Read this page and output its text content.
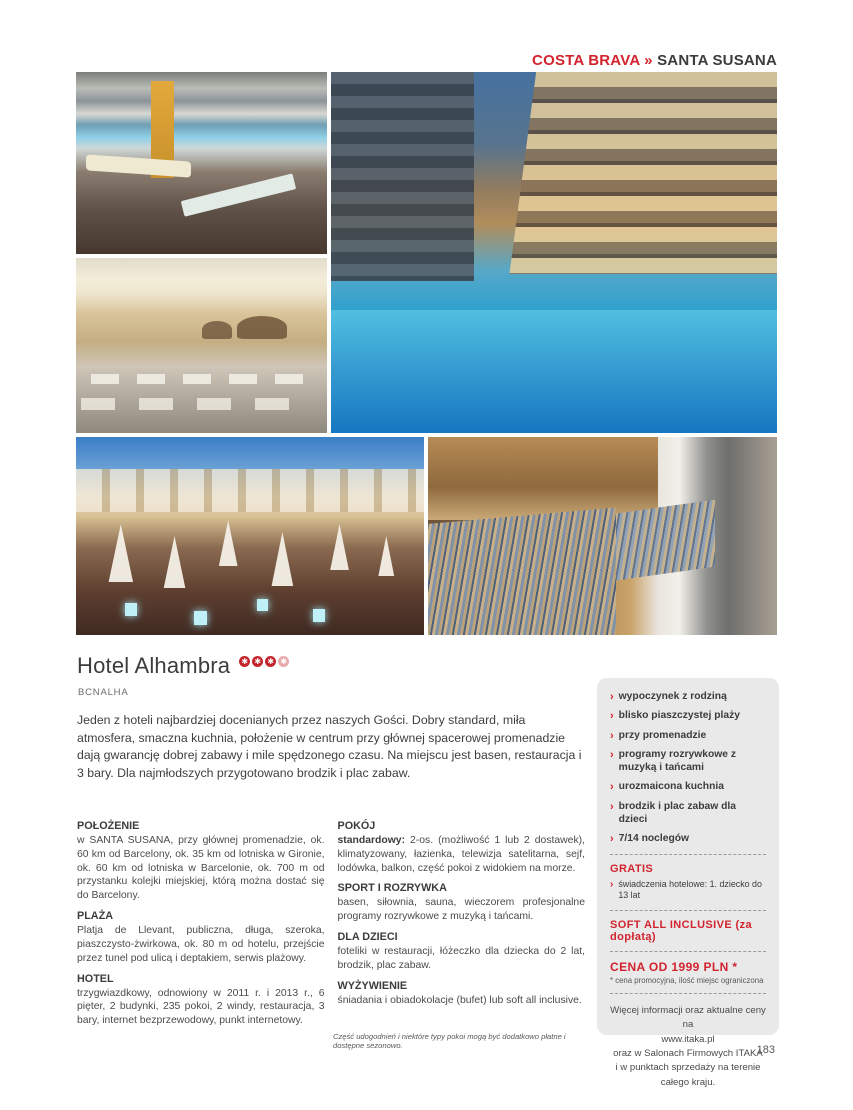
COSTA BRAVA » SANTA SUSANA
Hotel Alhambra ✱ ✱ ✱ ✱
BCNALHA

Jeden z hoteli najbardziej docenianych przez naszych Gości. Dobry standard, miła atmosfera, smaczna kuchnia, położenie w centrum przy głównej spacerowej promenadzie dają gwarancję dobrej zabawy i mile spędzonego czasu. Na miejscu jest basen, restauracja i 3 bary. Dla najmłodszych przygotowano brodzik i plac zabaw.

POŁOŻENIE

w SANTA SUSANA, przy głównej promenadzie, ok. 60 km od Barcelony, ok. 35 km od lotniska w Gironie, ok. 60 km od lotniska w Barcelonie, ok. 700 m od przystanku kolejki miejskiej, którą można dostać się do Barcelony.

PLAŻA

Platja de Llevant, publiczna, długa, szeroka, piaszczysto-żwirkowa, ok. 80 m od hotelu, przejście przez tunel pod ulicą i deptakiem, serwis plażowy.

HOTEL

trzygwiazdkowy, odnowiony w 2011 r. i 2013 r., 6 pięter, 2 budynki, 235 pokoi, 2 windy, restauracja, 3 bary, internet bezprzewodowy, punkt internetowy.

POKÓJ

standardowy: 2-os. (możliwość 1 lub 2 dostawek), klimatyzowany, łazienka, telewizja satelitarna, sejf, lodówka, balkon, część pokoi z widokiem na morze.

SPORT I ROZRYWKA

basen, siłownia, sauna, wieczorem profesjonalne programy rozrywkowe z muzyką i tańcami.

DLA DZIECI

foteliki w restauracji, łóżeczko dla dziecka do 2 lat, brodzik, plac zabaw.

WYŻYWIENIE

śniadania i obiadokolacje (bufet) lub soft all inclusive.

Część udogodnień i niektóre typy pokoi mogą być dodatkowo płatne i dostępne sezonowo.

› wypoczynek z rodziną
› blisko piaszczystej plaży
› przy promenadzie
› programy rozrywkowe z muzyką i tańcami
› urozmaicona kuchnia
› brodzik i plac zabaw dla dzieci
› 7/14 noclegów
GRATIS
› świadczenia hotelowe: 1. dziecko do 13 lat
SOFT ALL INCLUSIVE (za dopłatą)
CENA OD 1999 PLN *
* cena promocyjna, ilość miejsc ograniczona
Więcej informacji oraz aktualne ceny na
www.itaka.pl
oraz w Salonach Firmowych ITAKA
i w punktach sprzedaży na terenie
całego kraju.
183
